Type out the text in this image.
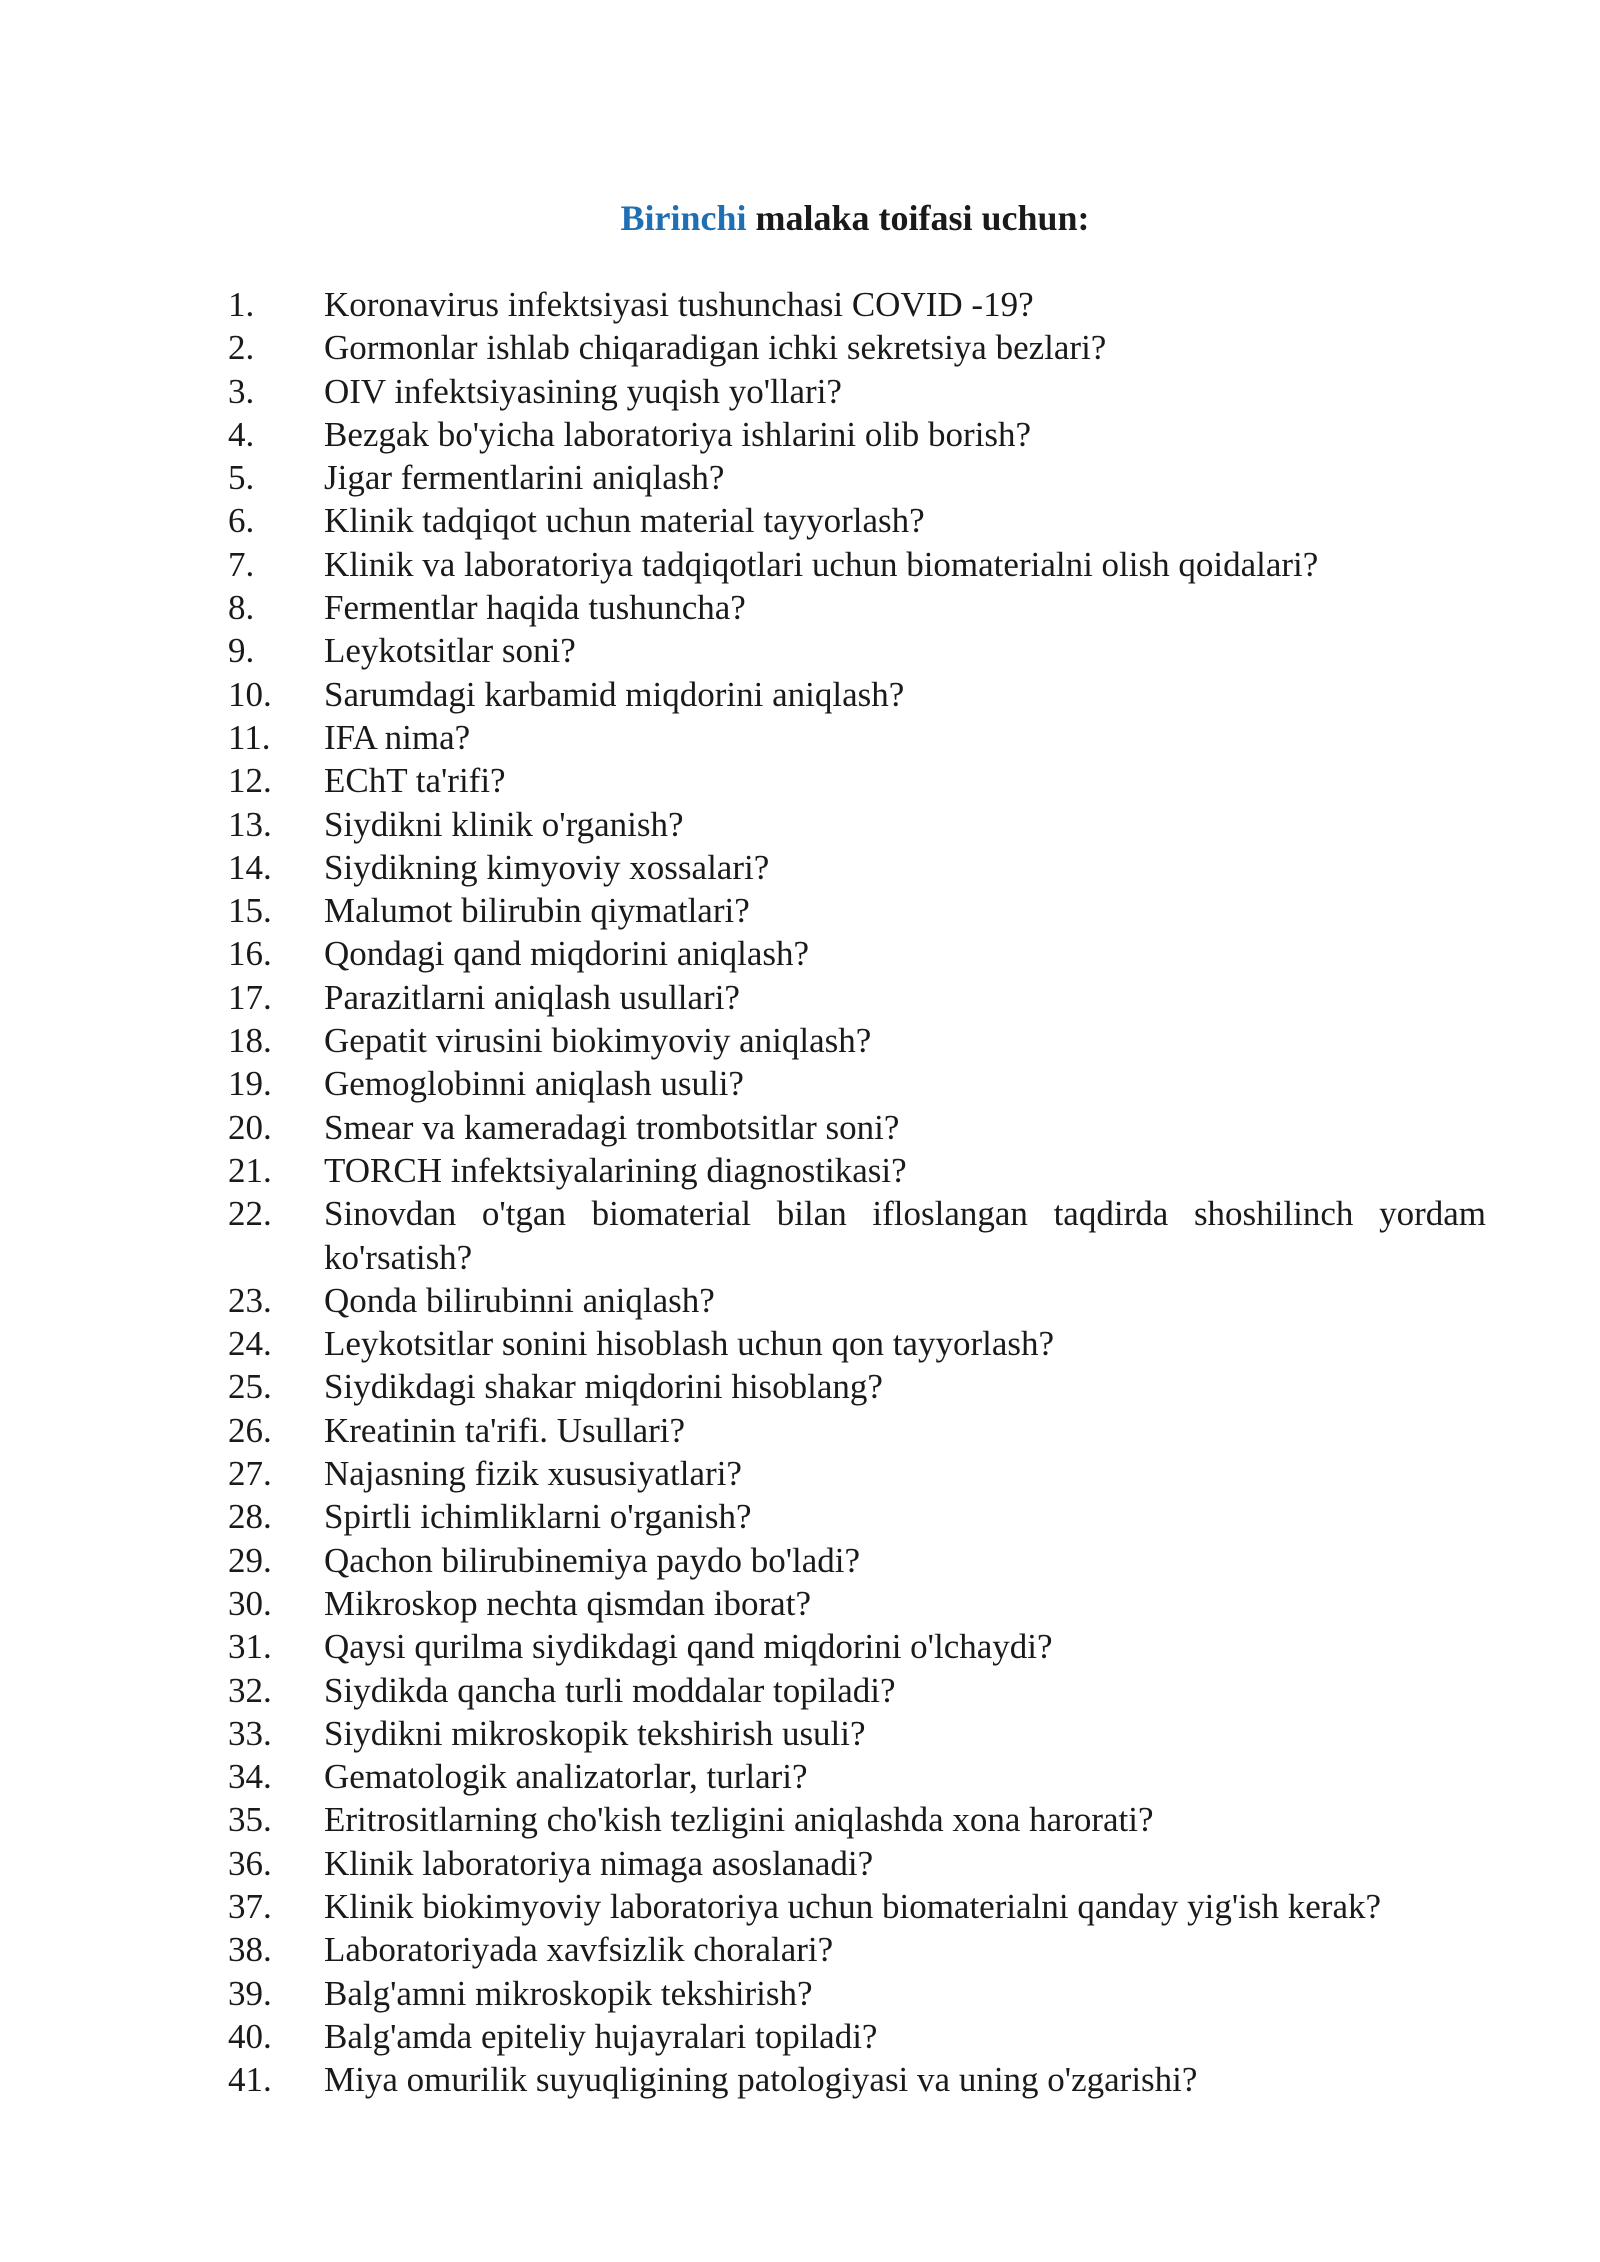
Birinchi malaka toifasi uchun:
1.	Koronavirus infektsiyasi tushunchasi COVID -19?
2.	Gormonlar ishlab chiqaradigan ichki sekretsiya bezlari?
3.	OIV infektsiyasining yuqish yo'llari?
4.	Bezgak bo'yicha laboratoriya ishlarini olib borish?
5.	Jigar fermentlarini aniqlash?
6.	Klinik tadqiqot uchun material tayyorlash?
7.	Klinik va laboratoriya tadqiqotlari uchun biomaterialni olish qoidalari?
8.	Fermentlar haqida tushuncha?
9.	Leykotsitlar soni?
10.	Sarumdagi karbamid miqdorini aniqlash?
11.	IFA nima?
12.	EChT ta'rifi?
13.	Siydikni klinik o'rganish?
14.	Siydikning kimyoviy xossalari?
15.	Malumot bilirubin qiymatlari?
16.	Qondagi qand miqdorini aniqlash?
17.	Parazitlarni aniqlash usullari?
18.	Gepatit virusini biokimyoviy aniqlash?
19.	Gemoglobinni aniqlash usuli?
20.	Smear va kameradagi trombotsitlar soni?
21.	TORCH infektsiyalarining diagnostikasi?
22.	Sinovdan o'tgan biomaterial bilan ifloslangan taqdirda shoshilinch yordam ko'rsatish?
23.	Qonda bilirubinni aniqlash?
24.	Leykotsitlar sonini hisoblash uchun qon tayyorlash?
25.	Siydikdagi shakar miqdorini hisoblang?
26.	Kreatinin ta'rifi. Usullari?
27.	Najasning fizik xususiyatlari?
28.	Spirtli ichimliklarni o'rganish?
29.	Qachon bilirubinemiya paydo bo'ladi?
30.	Mikroskop nechta qismdan iborat?
31.	Qaysi qurilma siydikdagi qand miqdorini o'lchaydi?
32.	Siydikda qancha turli moddalar topiladi?
33.	Siydikni mikroskopik tekshirish usuli?
34.	Gematologik analizatorlar, turlari?
35.	Eritrositlarning cho'kish tezligini aniqlashda xona harorati?
36.	Klinik laboratoriya nimaga asoslanadi?
37.	Klinik biokimyoviy laboratoriya uchun biomaterialni qanday yig'ish kerak?
38.	Laboratoriyada xavfsizlik choralari?
39.	Balg'amni mikroskopik tekshirish?
40.	Balg'amda epiteliy hujayralari topiladi?
41.	Miya omurilik suyuqligining patologiyasi va uning o'zgarishi?
